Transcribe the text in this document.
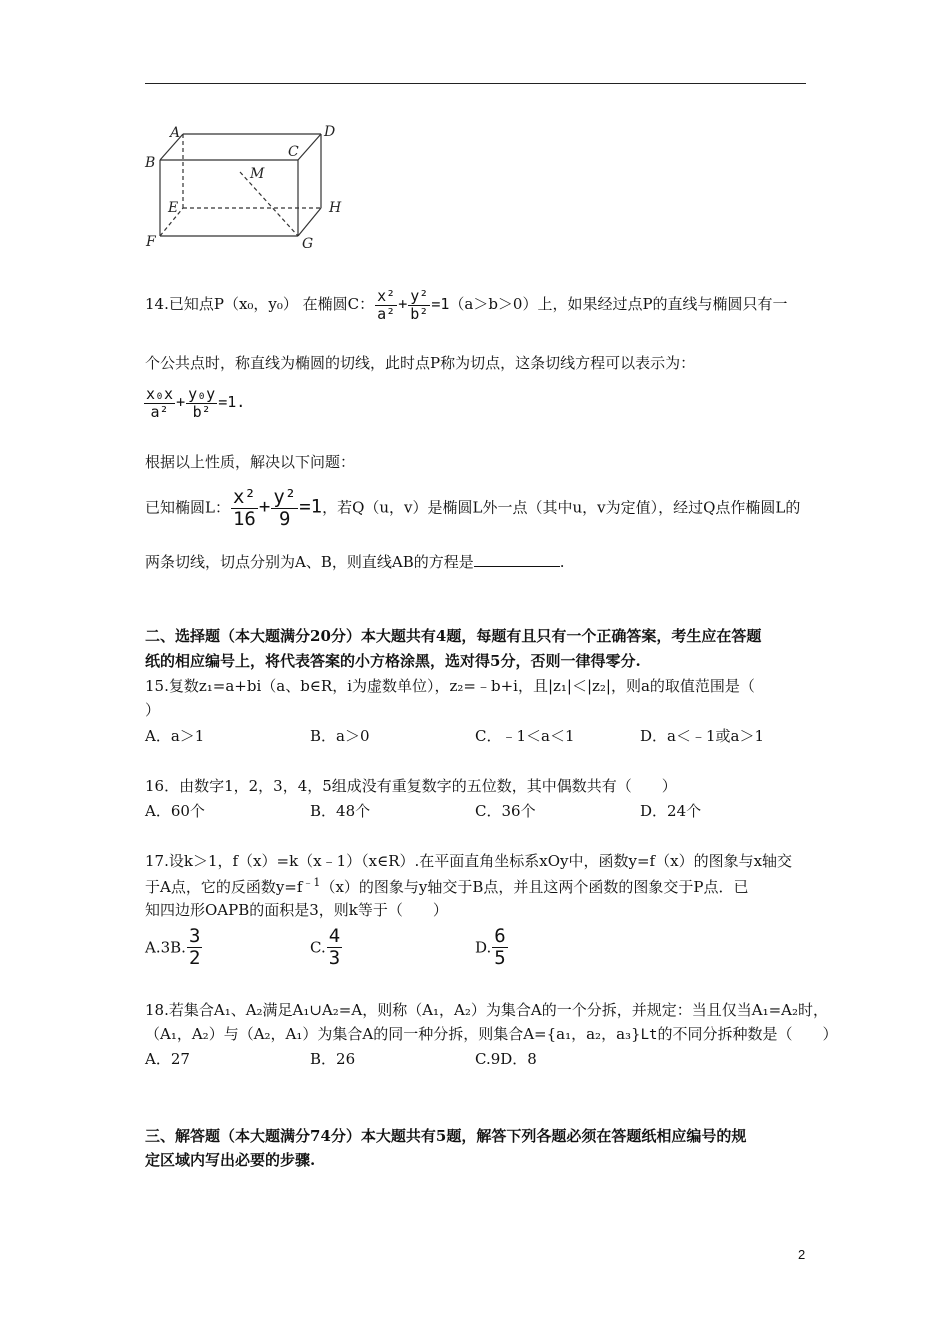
A	D
B
C
M
E	H
F	G
14.已知点P（x₀，y₀） 在椭圆C： $\frac{\text{x²}}{\text{a²}} + \frac{\text{y²}}{\text{b²}} =1(a>b>0)$上，如果经过点P的直线与椭圆只有一
个公共点时，称直线为椭圆的切线，此时点P称为切点，这条切线方程可以表示为：
$\frac{\text{x₀x}}{\text{a²}} + \frac{\text{y₀y}}{\text{b²}} =1$.
根据以上性质，解决以下问题：
已知椭圆L： $\frac{\text{x²}}{16} + \frac{\text{y²}}{9} =1$，若Q（u，v）是椭圆L外一点（其中u，v为定值），经过Q点作椭圆L的
两条切线，切点分别为A、B，则直线AB的方程是	.
二、选择题（本大题满分20分）本大题共有4题，每题有且只有一个正确答案，考生应在答题
纸的相应编号上，将代表答案的小方格涂黑，选对得5分，否则一律得零分.
15.复数z₁=a+bi（a、b∈R，i为虚数单位），z₂=﹣b+i，且|z₁|＜|z₂|，则a的取值范围是（
）
A．a＞1	B．a＞0	C．﹣1＜a＜1	D．a＜﹣1或a＞1
16．由数字1，2，3，4，5组成没有重复数字的五位数，其中偶数共有（　　）
A．60个	B．48个	C．36个	D．24个
17.设k＞1，f（x）=k（x﹣1）（x∈R）.在平面直角坐标系xOy中，函数y=f（x）的图象与x轴交
于A点，它的反函数$y=f^{﹣1}(x)$的图象与y轴交于B点，并且这两个函数的图象交于P点．已
知四边形OAPB的面积是3，则k等于（　　）
A.3B. $\frac{3}{2}$	C. $\frac{4}{3}$	D. $\frac{6}{5}$
18.若集合A₁、A₂满足A₁∪A₂=A，则称（A₁，A₂）为集合A的一个分拆，并规定：当且仅当A₁=A₂时，
（A₁，A₂）与（A₂，A₁）为集合A的同一种分拆，则集合A={a₁，a₂，a₃}Lt的不同分拆种数是（　　）
A．27	B．26	C.9D．8
三、解答题（本大题满分74分）本大题共有5题，解答下列各题必须在答题纸相应编号的规
定区域内写出必要的步骤.
2
